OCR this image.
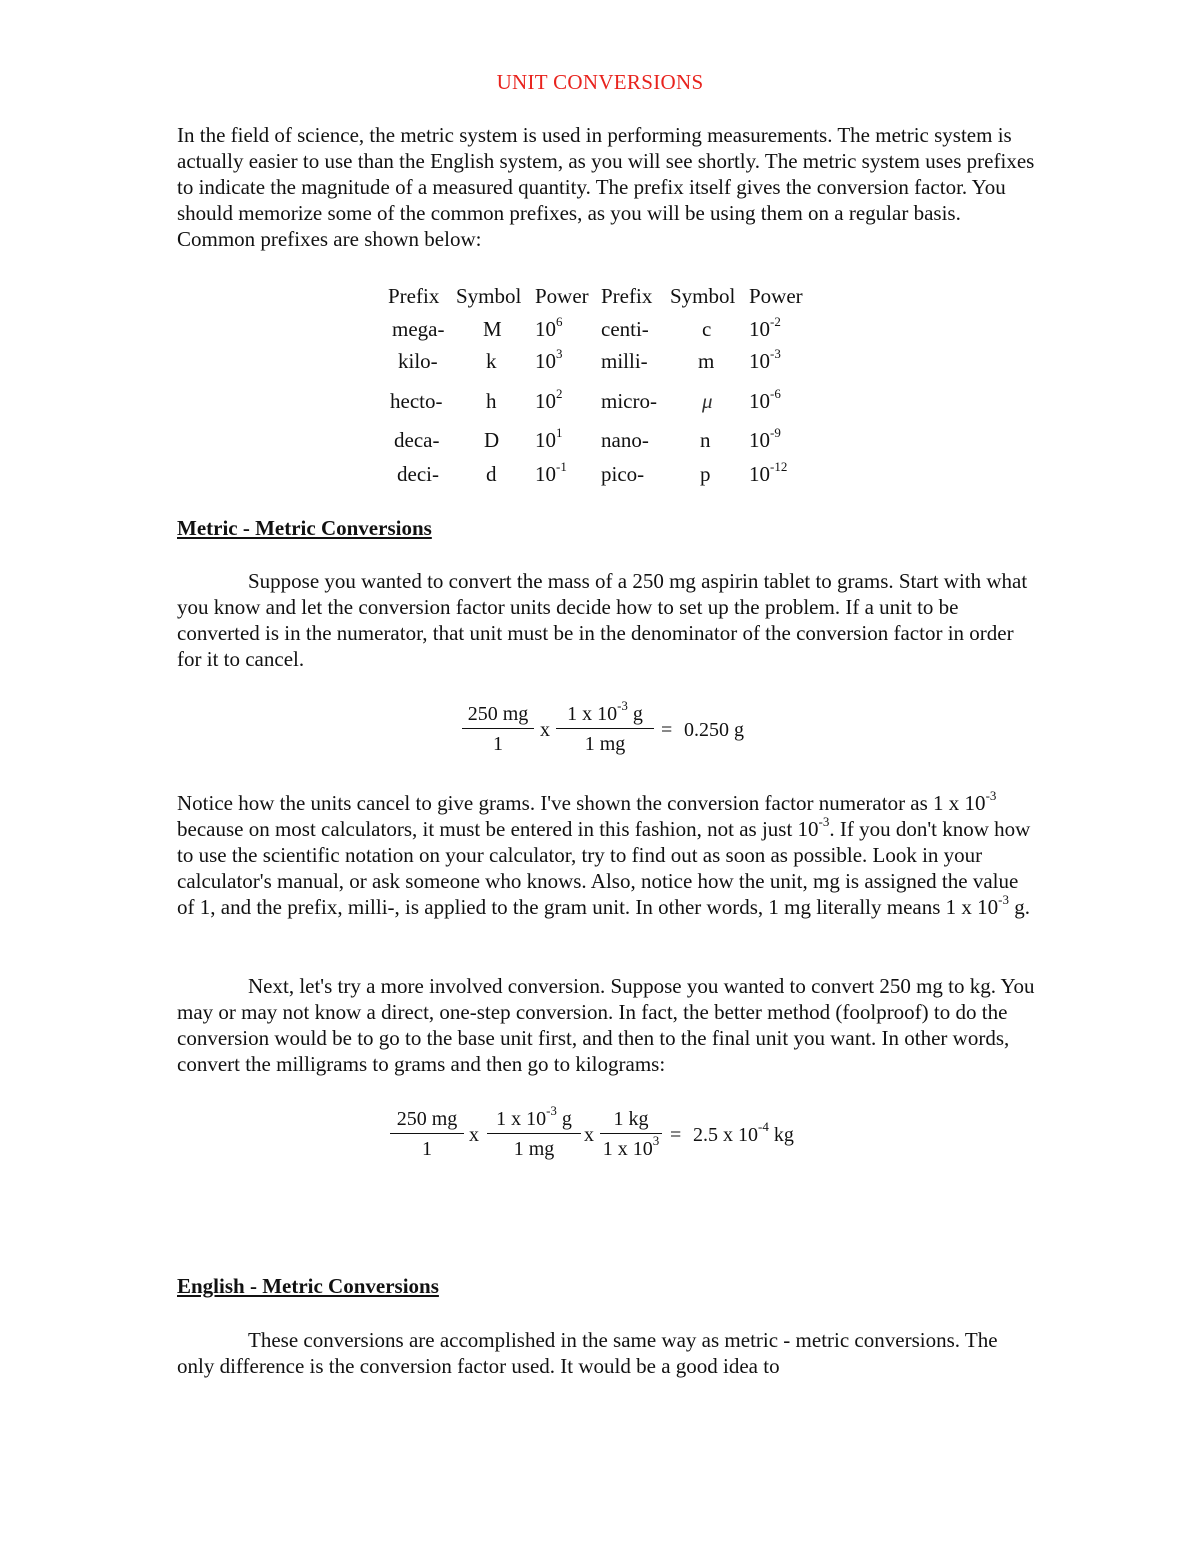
UNIT CONVERSIONS
In the field of science, the metric system is used in performing measurements. The metric system is actually easier to use than the English system, as you will see shortly. The metric system uses prefixes to indicate the magnitude of a measured quantity. The prefix itself gives the conversion factor. You should memorize some of the common prefixes, as you will be using them on a regular basis. Common prefixes are shown below:
Prefix Symbol Power Prefix Symbol Power
mega- M $10^6$ centi-	c $10^{-2}$
kilo- k $10^3$ milli- m $10^{-3}$
hecto- h $10^2$ micro- μ $10^{-6}$
deca- D $10^1$ nano- n $10^{-9}$
deci- d $10^{-1}$ pico-	p $10^{-12}$
Metric - Metric Conversions
Suppose you wanted to convert the mass of a 250 mg aspirin tablet to grams. Start with what you know and let the conversion factor units decide how to set up the problem. If a unit to be converted is in the numerator, that unit must be in the denominator of the conversion factor in order for it to cancel.
$\frac{250 mg}{1}$ x $\frac{1 x 10^{-3} g}{1 mg} = 0.250$ g
Notice how the units cancel to give grams. I've shown the conversion factor numerator as 1 x $10^{-3}$ because on most calculators, it must be entered in this fashion, not as just $10^{-3}$. If you don't know how to use the scientific notation on your calculator, try to find out as soon as possible. Look in your calculator's manual, or ask someone who knows. Also, notice how the unit, mg is assigned the value of 1, and the prefix, milli-, is applied to the gram unit. In other words, 1 mg literally means 1 x $10^{-3}$ g.
Next, let's try a more involved conversion. Suppose you wanted to convert 250 mg to kg. You may or may not know a direct, one-step conversion. In fact, the better method (foolproof) to do the conversion would be to go to the base unit first, and then to the final unit you want. In other words, convert the milligrams to grams and then go to kilograms:
$\frac{250 mg}{1}$ x $\frac{1 x 10^{-3} g}{1 mg}$ x $\frac{1 kg}{1 x 10^3} = 2.5$ x $10^{-4}$ kg
English - Metric Conversions
These conversions are accomplished in the same way as metric - metric conversions. The only difference is the conversion factor used. It would be a good idea to
